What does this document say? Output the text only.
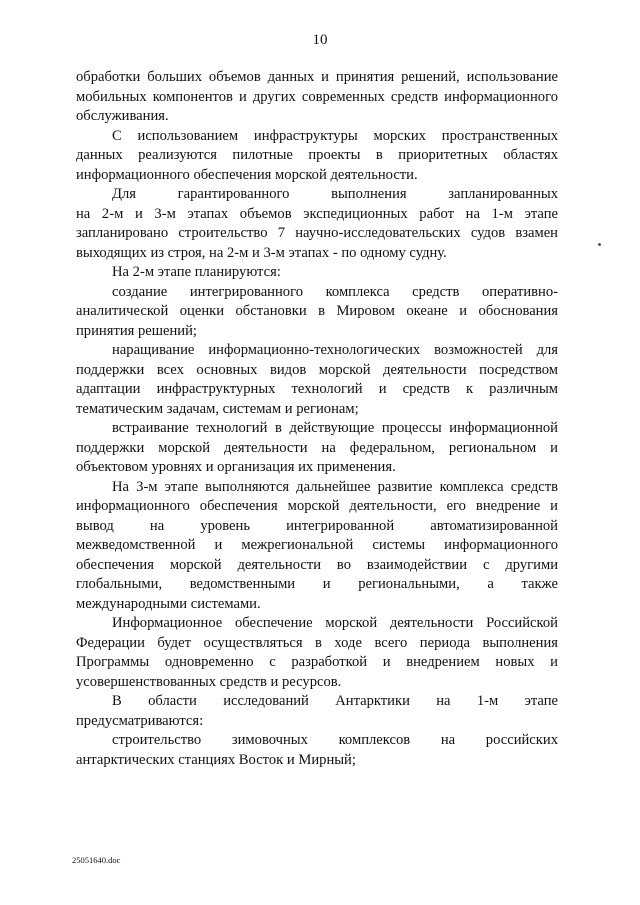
10

обработки больших объемов данных и принятия решений, использование

мобильных компонентов и других современных средств информационного

обслуживания.

С использованием инфраструктуры морских пространственных

данных реализуются пилотные проекты в приоритетных областях

информационного обеспечения морской деятельности.

Для гарантированного выполнения запланированных

на 2-м и 3-м этапах объемов экспедиционных работ на 1-м этапе

запланировано строительство 7 научно-исследовательских судов взамен

выходящих из строя, на 2-м и 3-м этапах - по одному судну.

На 2-м этапе планируются:

создание интегрированного комплекса средств оперативно-

аналитической оценки обстановки в Мировом океане и обоснования

принятия решений;

наращивание информационно-технологических возможностей для

поддержки всех основных видов морской деятельности посредством

адаптации инфраструктурных технологий и средств к различным

тематическим задачам, системам и регионам;

встраивание технологий в действующие процессы информационной

поддержки морской деятельности на федеральном, региональном и

объектовом уровнях и организация их применения.

На 3-м этапе выполняются дальнейшее развитие комплекса средств

информационного обеспечения морской деятельности, его внедрение и

вывод на уровень интегрированной автоматизированной

межведомственной и межрегиональной системы информационного

обеспечения морской деятельности во взаимодействии с другими

глобальными, ведомственными и региональными, а также

международными системами.

Информационное обеспечение морской деятельности Российской

Федерации будет осуществляться в ходе всего периода выполнения

Программы одновременно с разработкой и внедрением новых и

усовершенствованных средств и ресурсов.

В области исследований Антарктики на 1-м этапе

предусматриваются:

строительство зимовочных комплексов на российских

антарктических станциях Восток и Мирный;

25051640.doc
